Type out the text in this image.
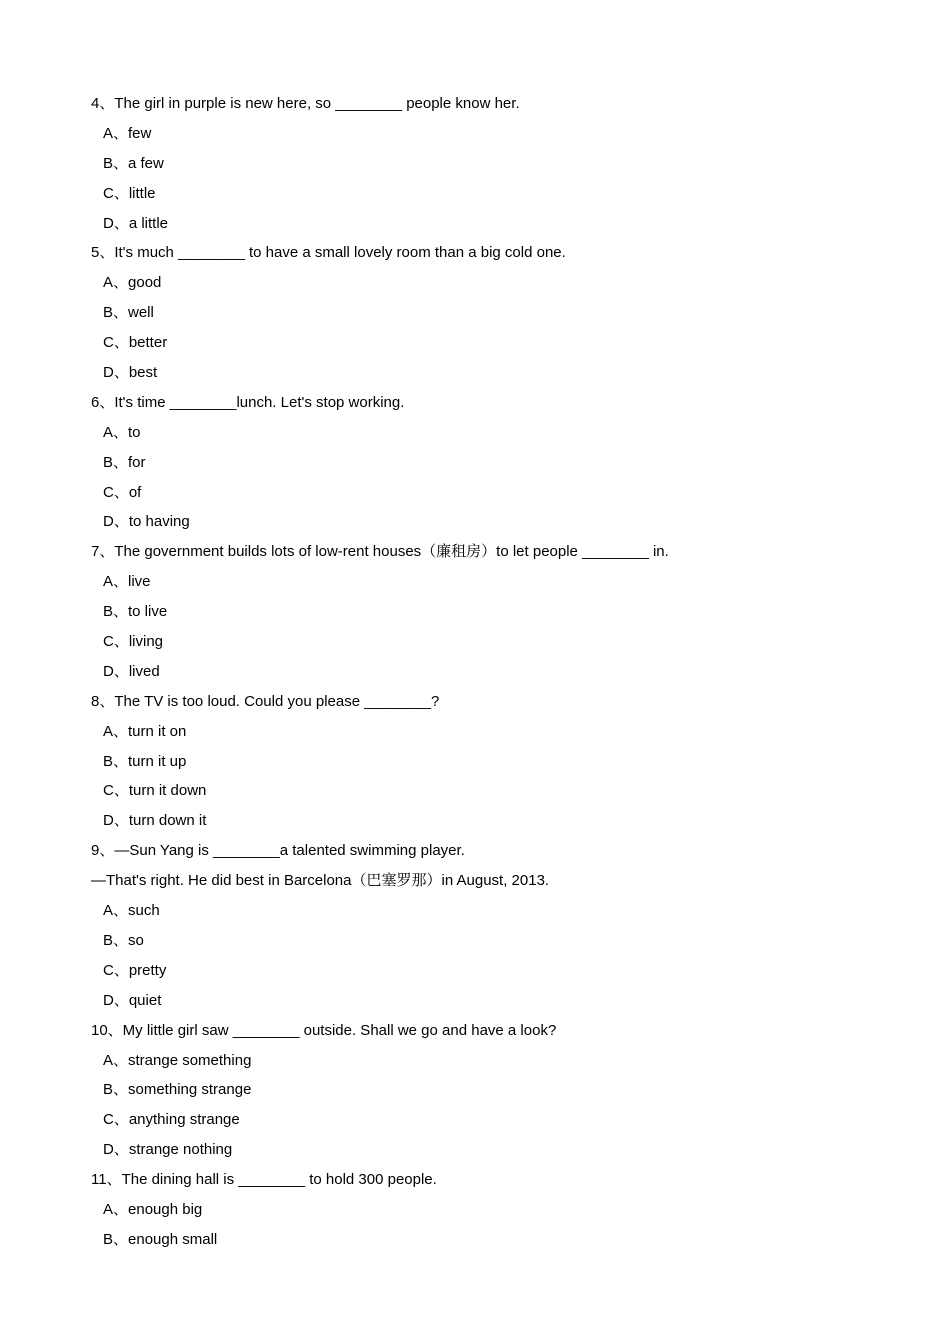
4、The girl in purple is new here, so ________ people know her.
A、few
B、a few
C、little
D、a little
5、It's much ________ to have a small lovely room than a big cold one.
A、good
B、well
C、better
D、best
6、It's time ________lunch. Let's stop working.
A、to
B、for
C、of
D、to having
7、The government builds lots of low-rent houses（廉租房）to let people ________ in.
A、live
B、to live
C、living
D、lived
8、The TV is too loud. Could you please ________?
A、turn it on
B、turn it up
C、turn it down
D、turn down it
9、—Sun Yang is ________a talented swimming player.
—That's right. He did best in Barcelona（巴塞罗那）in August, 2013.
A、such
B、so
C、pretty
D、quiet
10、My little girl saw ________ outside. Shall we go and have a look?
A、strange something
B、something strange
C、anything strange
D、strange nothing
11、The dining hall is ________ to hold 300 people.
A、enough big
B、enough small
